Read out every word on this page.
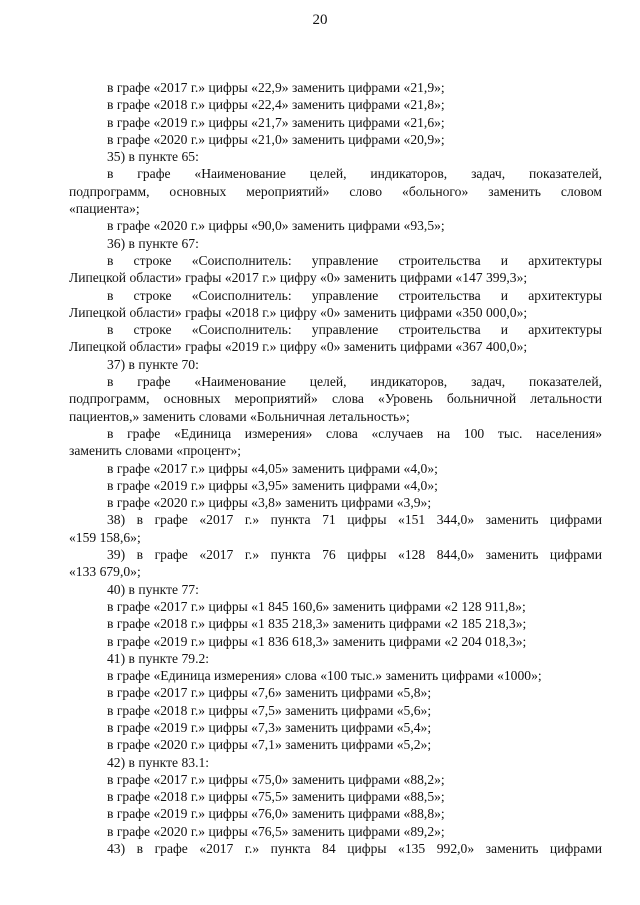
20
в графе «2017 г.» цифры «22,9» заменить цифрами «21,9»;
в графе «2018 г.» цифры «22,4» заменить цифрами «21,8»;
в графе «2019 г.» цифры «21,7» заменить цифрами «21,6»;
в графе «2020 г.» цифры «21,0» заменить цифрами «20,9»;
35) в пункте 65:
в графе «Наименование целей, индикаторов, задач, показателей,
подпрограмм, основных мероприятий» слово «больного» заменить словом
«пациента»;
в графе «2020 г.» цифры «90,0» заменить цифрами «93,5»;
36) в пункте 67:
в строке «Соисполнитель: управление строительства и архитектуры
Липецкой области» графы «2017 г.» цифру «0» заменить цифрами «147 399,3»;
в строке «Соисполнитель: управление строительства и архитектуры
Липецкой области» графы «2018 г.» цифру «0» заменить цифрами «350 000,0»;
в строке «Соисполнитель: управление строительства и архитектуры
Липецкой области» графы «2019 г.» цифру «0» заменить цифрами «367 400,0»;
37) в пункте 70:
в графе «Наименование целей, индикаторов, задач, показателей,
подпрограмм, основных мероприятий» слова «Уровень больничной летальности
пациентов,» заменить словами «Больничная летальность»;
в графе «Единица измерения» слова «случаев на 100 тыс. населения»
заменить словами «процент»;
в графе «2017 г.» цифры «4,05» заменить цифрами «4,0»;
в графе «2019 г.» цифры «3,95» заменить цифрами «4,0»;
в графе «2020 г.» цифры «3,8» заменить цифрами «3,9»;
38) в графе «2017 г.» пункта 71 цифры «151 344,0» заменить цифрами
«159 158,6»;
39) в графе «2017 г.» пункта 76 цифры «128 844,0» заменить цифрами
«133 679,0»;
40) в пункте 77:
в графе «2017 г.» цифры «1 845 160,6» заменить цифрами «2 128 911,8»;
в графе «2018 г.» цифры «1 835 218,3» заменить цифрами «2 185 218,3»;
в графе «2019 г.» цифры «1 836 618,3» заменить цифрами «2 204 018,3»;
41) в пункте 79.2:
в графе «Единица измерения» слова «100 тыс.» заменить цифрами «1000»;
в графе «2017 г.» цифры «7,6» заменить цифрами «5,8»;
в графе «2018 г.» цифры «7,5» заменить цифрами «5,6»;
в графе «2019 г.» цифры «7,3» заменить цифрами «5,4»;
в графе «2020 г.» цифры «7,1» заменить цифрами «5,2»;
42) в пункте 83.1:
в графе «2017 г.» цифры «75,0» заменить цифрами «88,2»;
в графе «2018 г.» цифры «75,5» заменить цифрами «88,5»;
в графе «2019 г.» цифры «76,0» заменить цифрами «88,8»;
в графе «2020 г.» цифры «76,5» заменить цифрами «89,2»;
43) в графе «2017 г.» пункта 84 цифры «135 992,0» заменить цифрами
